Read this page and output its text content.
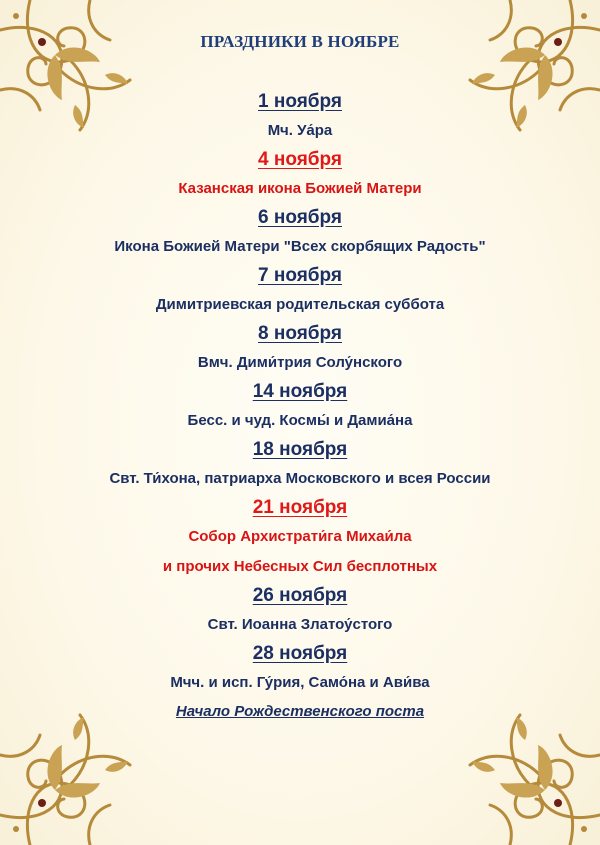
ПРАЗДНИКИ В НОЯБРЕ
1 ноября
Мч. Уа́ра
4 ноября
Казанская икона Божией Матери
6 ноября
Икона Божией Матери "Всех скорбящих Радость"
7 ноября
Димитриевская родительская суббота
8 ноября
Вмч. Дими́трия Солу́нского
14 ноября
Бесс. и чуд. Космы́ и Дамиа́на
18 ноября
Свт. Ти́хона, патриарха Московского и всея России
21 ноября
Собор Архистрати́га Михаи́ла
и прочих Небесных Сил бесплотных
26 ноября
Свт. Иоанна Златоу́стого
28 ноября
Мчч. и исп. Гу́рия, Само́на и Ави́ва
Начало Рождественского поста
